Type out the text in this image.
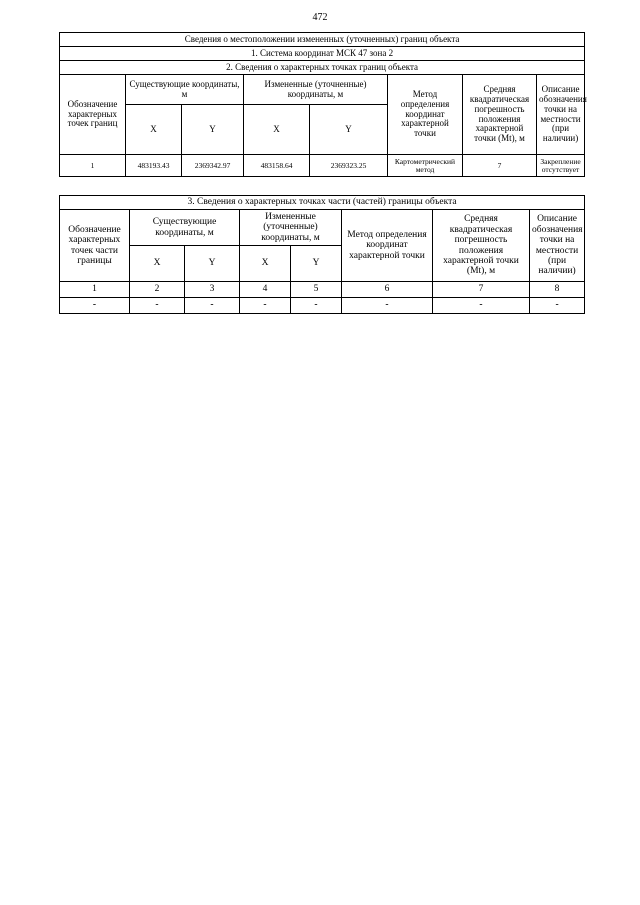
472
Сведения о местоположении измененных (уточненных) границ объекта							
1. Система координат МСК 47 зона 2							
2. Сведения о характерных точках границ объекта							
Обозначение характерных точек границ	Существующие координаты, м		Измененные (уточненные) координаты, м		Метод определения координат характерной точки	Средняя квадратическая погрешность положения характерной точки (Mt), м	Описание обозначения точки на местности (при наличии)
	X	Y	X	Y			
1	483193.43	2369342.97	483158.64	2369323.25	Картометрический метод	7	Закрепление отсутствует
3. Сведения о характерных точках части (частей) границы объекта							
Обозначение характерных точек части границы	Существующие координаты, м		Измененные (уточненные) координаты, м		Метод определения координат характерной точки	Средняя квадратическая погрешность положения характерной точки (Mt), м	Описание обозначения точки на местности (при наличии)
	X	Y	X	Y			
1	2	3	4	5	6	7	8
-	-	-	-	-	-	-	-
